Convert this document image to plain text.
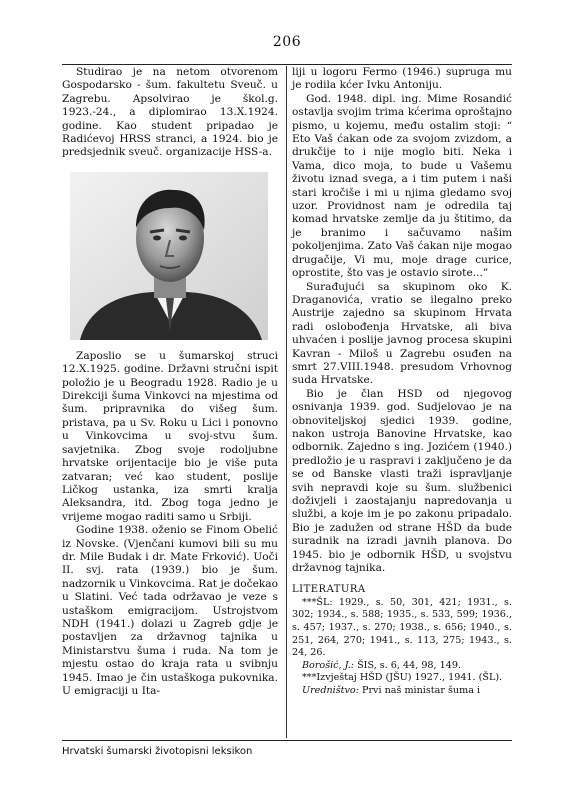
206

Studirao je na netom otvorenom Gospodarsko - šum. fakultetu Sveuč. u Zagrebu. Apsolvirao je škol.g. 1923.-24., a diplomirao 13.X.1924. godine. Kao student pripadao je Radićevoj HRSS stranci, a 1924. bio je predsjednik sveuč. organizacije HSS-a.

Zaposlio se u šumarskoj struci 12.X.1925. godine. Državni stručni ispit položio je u Beogradu 1928. Radio je u Direkciji šuma Vinkovci na mjestima od šum. pripravnika do višeg šum. pristava, pa u Sv. Roku u Lici i ponovno u Vinkovcima u svoj-stvu šum. savjetnika. Zbog svoje rodoljubne hrvatske orijentacije bio je više puta zatvaran; već kao student, poslije Ličkog ustanka, iza smrti kralja Aleksandra, itd. Zbog toga jedno je vrijeme mogao raditi samo u Srbiji.

Godine 1938. oženio se Finom Obelić iz Novske. (Vjenčani kumovi bili su mu dr. Mile Budak i dr. Mate Frković). Uoči II. svj. rata (1939.) bio je šum. nadzornik u Vinkovcima. Rat je dočekao u Slatini. Već tada održavao je veze s ustaškom emigracijom. Ustrojstvom NDH (1941.) dolazi u Zagreb gdje je postavljen za državnog tajnika u Ministarstvu šuma i ruda. Na tom je mjestu ostao do kraja rata u svibnju 1945. Imao je čin ustaškoga pukovnika. U emigraciji u Ita-

liji u logoru Fermo (1946.) supruga mu je rodila kćer Ivku Antoniju.

God. 1948. dipl. ing. Mime Rosandić ostavlja svojim trima kćerima oproštajno pismo, u kojemu, među ostalim stoji: “ Eto Vaš ćakan ode za svojom zvizdom, a drukčije to i nije moglo biti. Neka i Vama, dico moja, to bude u Vašemu životu iznad svega, a i tim putem i naši stari kročiše i mi u njima gledamo svoj uzor. Providnost nam je odredila taj komad hrvatske zemlje da ju štitimo, da je branimo i sačuvamo našim pokoljenjima. Zato Vaš ćakan nije mogao drugačije, Vi mu, moje drage curice, oprostite, što vas je ostavio sirote...”

Surađujući sa skupinom oko K. Draganovića, vratio se ilegalno preko Austrije zajedno sa skupinom Hrvata radi oslobođenja Hrvatske, ali biva uhvaćen i poslije javnog procesa skupini Kavran - Miloš u Zagrebu osuđen na smrt 27.VIII.1948. presudom Vrhovnog suda Hrvatske.

Bio je član HSD od njegovog osnivanja 1939. god. Sudjelovao je na obnoviteljskoj sjedici 1939. godine, nakon ustroja Banovine Hrvatske, kao odbornik. Zajedno s ing. Jozićem (1940.) predložio je u raspravi i zaključeno je da se od Banske vlasti traži ispravljanje svih nepravdi koje su šum. službenici doživjeli i zaostajanju napredovanja u službi, a koje im je po zakonu pripadalo. Bio je zadužen od strane HŠD da bude suradnik na izradi javnih planova. Do 1945. bio je odbornik HŠD, u svojstvu državnog tajnika.

LITERATURA

***ŠL: 1929., s. 50, 301, 421; 1931., s. 302; 1934., s. 588; 1935., s. 533, 599; 1936., s. 457; 1937., s. 270; 1938., s. 656; 1940., s. 251, 264, 270; 1941., s. 113, 275; 1943., s. 24, 26.

Borošić, J.: ŠIS, s. 6, 44, 98, 149.

***Izvještaj HŠD (JŠU) 1927., 1941. (ŠL).

Uredništvo: Prvi naš ministar šuma i

Hrvatski šumarski životopisni leksikon
